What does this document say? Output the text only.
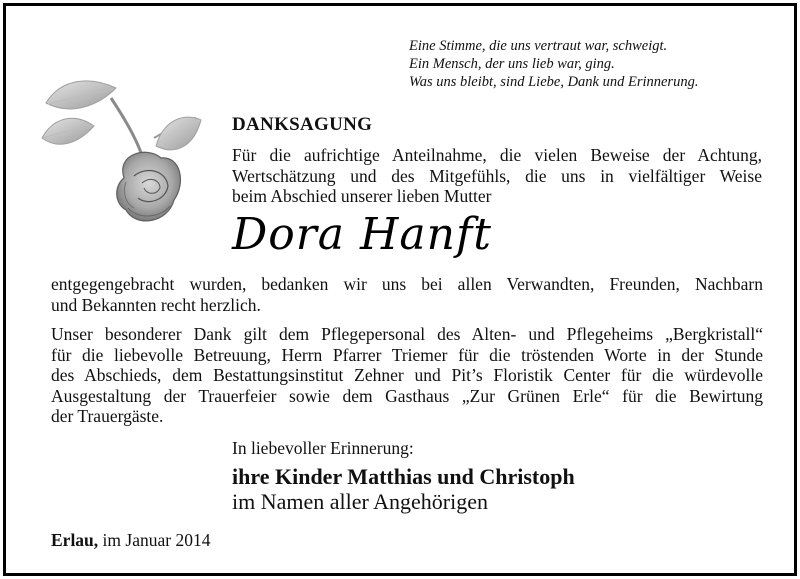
Eine Stimme, die uns vertraut war, schweigt.
Ein Mensch, der uns lieb war, ging.
Was uns bleibt, sind Liebe, Dank und Erinnerung.
DANKSAGUNG
Für die aufrichtige Anteilnahme, die vielen Beweise der Achtung,
Wertschätzung und des Mitgefühls, die uns in vielfältiger Weise
beim Abschied unserer lieben Mutter
Dora Hanft
entgegengebracht wurden, bedanken wir uns bei allen Verwandten, Freunden, Nachbarn
und Bekannten recht herzlich.
Unser besonderer Dank gilt dem Pflegepersonal des Alten- und Pflegeheims „Bergkristall“
für die liebevolle Betreuung, Herrn Pfarrer Triemer für die tröstenden Worte in der Stunde
des Abschieds, dem Bestattungsinstitut Zehner und Pit’s Floristik Center für die würdevolle
Ausgestaltung der Trauerfeier sowie dem Gasthaus „Zur Grünen Erle“ für die Bewirtung
der Trauergäste.
In liebevoller Erinnerung:
ihre Kinder Matthias und Christoph
im Namen aller Angehörigen
Erlau, im Januar 2014
